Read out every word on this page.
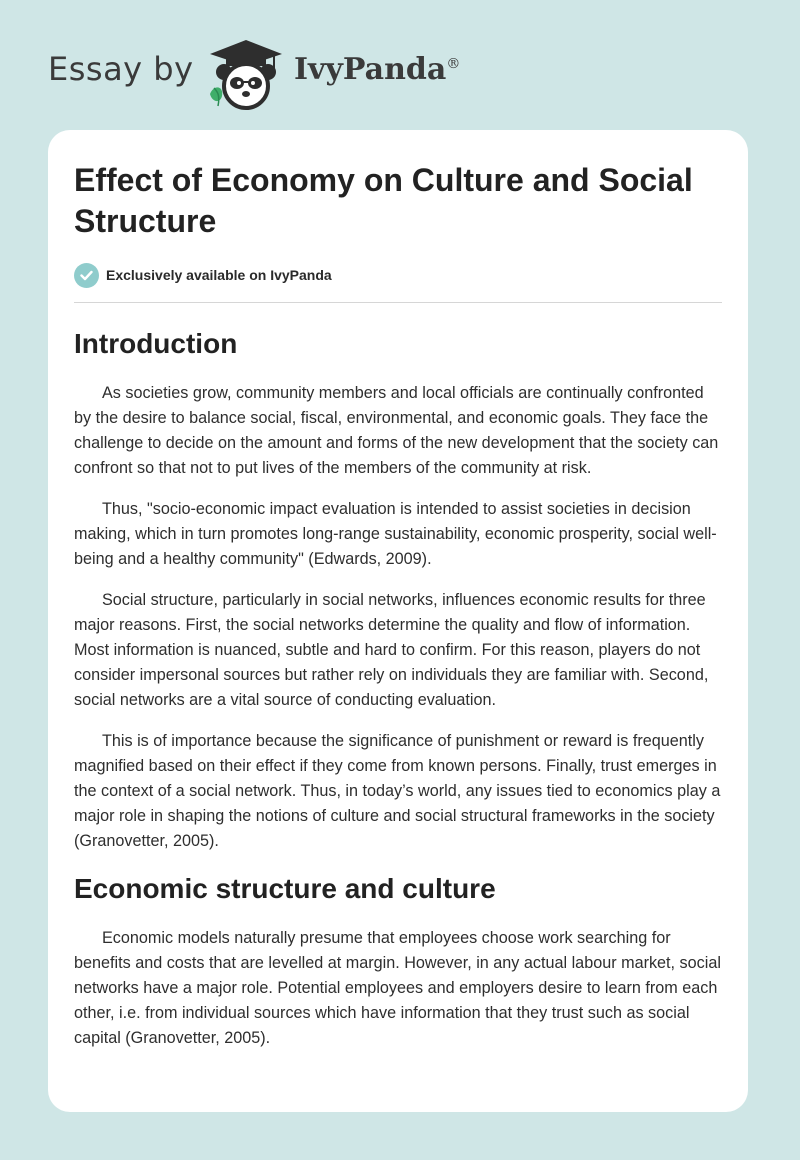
Essay by	IvyPanda®
Effect of Economy on Culture and Social Structure
Exclusively available on IvyPanda
Introduction

As societies grow, community members and local officials are continually confronted by the desire to balance social, fiscal, environmental, and economic goals. They face the challenge to decide on the amount and forms of the new development that the society can confront so that not to put lives of the members of the community at risk.

Thus, "socio-economic impact evaluation is intended to assist societies in decision making, which in turn promotes long-range sustainability, economic prosperity, social well-being and a healthy community" (Edwards, 2009).

Social structure, particularly in social networks, influences economic results for three major reasons. First, the social networks determine the quality and flow of information. Most information is nuanced, subtle and hard to confirm. For this reason, players do not consider impersonal sources but rather rely on individuals they are familiar with. Second, social networks are a vital source of conducting evaluation.

This is of importance because the significance of punishment or reward is frequently magnified based on their effect if they come from known persons. Finally, trust emerges in the context of a social network. Thus, in today’s world, any issues tied to economics play a major role in shaping the notions of culture and social structural frameworks in the society (Granovetter, 2005).

Economic structure and culture

Economic models naturally presume that employees choose work searching for benefits and costs that are levelled at margin. However, in any actual labour market, social networks have a major role. Potential employees and employers desire to learn from each other, i.e. from individual sources which have information that they trust such as social capital (Granovetter, 2005).
